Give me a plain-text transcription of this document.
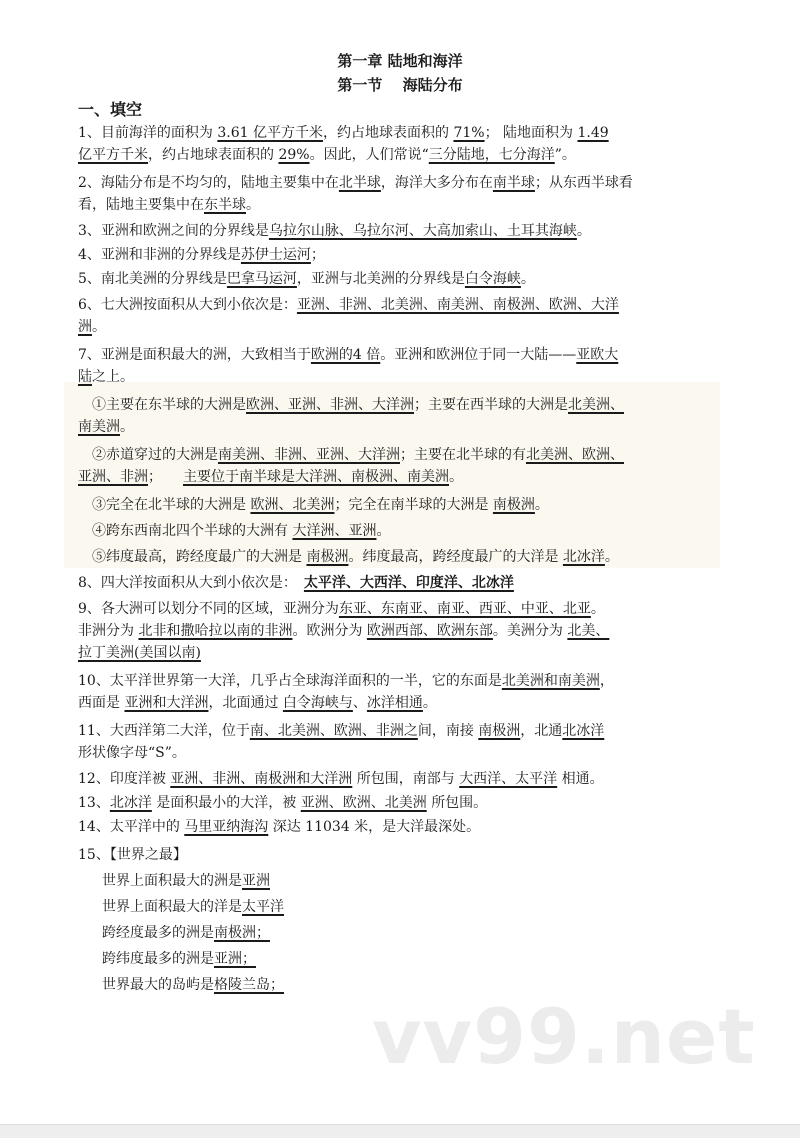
第一章 陆地和海洋
第一节　 海陆分布
一、填空
1、目前海洋的面积为 3.61 亿平方千米，约占地球表面积的 71%； 陆地面积为 1.49
亿平方千米，约占地球表面积的 29%。因此，人们常说“三分陆地，七分海洋”。
2、海陆分布是不均匀的，陆地主要集中在北半球，海洋大多分布在南半球；从东西半球看
看，陆地主要集中在东半球。
3、亚洲和欧洲之间的分界线是乌拉尔山脉、乌拉尔河、大高加索山、土耳其海峡。
4、亚洲和非洲的分界线是苏伊士运河；
5、南北美洲的分界线是巴拿马运河，亚洲与北美洲的分界线是白令海峡。
6、七大洲按面积从大到小依次是：亚洲、非洲、北美洲、南美洲、南极洲、欧洲、大洋
洲。
7、亚洲是面积最大的洲，大致相当于欧洲的4 倍。亚洲和欧洲位于同一大陆——亚欧大
陆之上。
①主要在东半球的大洲是欧洲、亚洲、非洲、大洋洲；主要在西半球的大洲是北美洲、
南美洲。
②赤道穿过的大洲是南美洲、非洲、亚洲、大洋洲；主要在北半球的有北美洲、欧洲、
亚洲、非洲；　　 主要位于南半球是大洋洲、南极洲、南美洲。
③完全在北半球的大洲是 欧洲、北美洲；完全在南半球的大洲是 南极洲。
④跨东西南北四个半球的大洲有 大洋洲、亚洲。
⑤纬度最高，跨经度最广的大洲是 南极洲。纬度最高，跨经度最广的大洋是 北冰洋。
8、四大洋按面积从大到小依次是：　 太平洋、大西洋、印度洋、北冰洋
9、各大洲可以划分不同的区域，亚洲分为东亚、东南亚、南亚、西亚、中亚、北亚。
非洲分为 北非和撒哈拉以南的非洲。欧洲分为 欧洲西部、欧洲东部。美洲分为 北美、
拉丁美洲(美国以南)
10、太平洋世界第一大洋，几乎占全球海洋面积的一半，它的东面是北美洲和南美洲，
西面是 亚洲和大洋洲，北面通过 白令海峡与、冰洋相通。
11、大西洋第二大洋，位于南、北美洲、欧洲、非洲之间，南接 南极洲，北通北冰洋
形状像字母“S”。
12、印度洋被 亚洲、非洲、南极洲和大洋洲 所包围，南部与 大西洋、太平洋 相通。
13、北冰洋 是面积最小的大洋，被 亚洲、欧洲、北美洲 所包围。
14、太平洋中的 马里亚纳海沟 深达 11034 米，是大洋最深处。
15、【世界之最】
世界上面积最大的洲是亚洲
世界上面积最大的洋是太平洋
跨经度最多的洲是南极洲；
跨纬度最多的洲是亚洲；
世界最大的岛屿是格陵兰岛；
vv99.net
